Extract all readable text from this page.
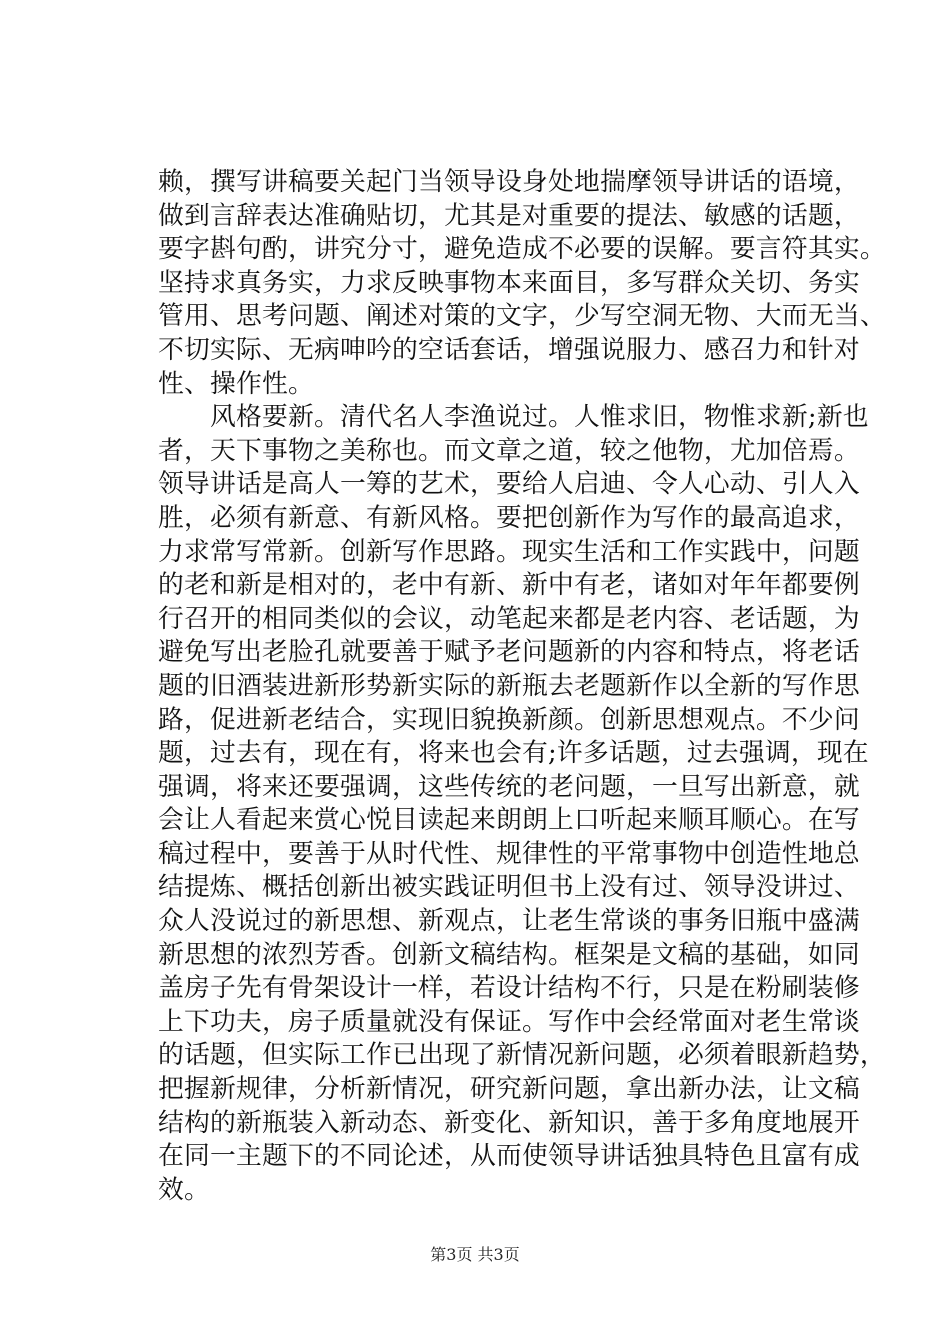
赖，撰写讲稿要关起门当领导设身处地揣摩领导讲话的语境，
做到言辞表达准确贴切，尤其是对重要的提法、敏感的话题，
要字斟句酌，讲究分寸，避免造成不必要的误解。要言符其实。
坚持求真务实，力求反映事物本来面目，多写群众关切、务实
管用、思考问题、阐述对策的文字，少写空洞无物、大而无当、
不切实际、无病呻吟的空话套话，增强说服力、感召力和针对
性、操作性。
　　风格要新。清代名人李渔说过。人惟求旧，物惟求新;新也
者，天下事物之美称也。而文章之道，较之他物，尤加倍焉。
领导讲话是高人一筹的艺术，要给人启迪、令人心动、引人入
胜，必须有新意、有新风格。要把创新作为写作的最高追求，
力求常写常新。创新写作思路。现实生活和工作实践中，问题
的老和新是相对的，老中有新、新中有老，诸如对年年都要例
行召开的相同类似的会议，动笔起来都是老内容、老话题，为
避免写出老脸孔就要善于赋予老问题新的内容和特点，将老话
题的旧酒装进新形势新实际的新瓶去老题新作以全新的写作思
路，促进新老结合，实现旧貌换新颜。创新思想观点。不少问
题，过去有，现在有，将来也会有;许多话题，过去强调，现在
强调，将来还要强调，这些传统的老问题，一旦写出新意，就
会让人看起来赏心悦目读起来朗朗上口听起来顺耳顺心。在写
稿过程中，要善于从时代性、规律性的平常事物中创造性地总
结提炼、概括创新出被实践证明但书上没有过、领导没讲过、
众人没说过的新思想、新观点，让老生常谈的事务旧瓶中盛满
新思想的浓烈芳香。创新文稿结构。框架是文稿的基础，如同
盖房子先有骨架设计一样，若设计结构不行，只是在粉刷装修
上下功夫，房子质量就没有保证。写作中会经常面对老生常谈
的话题，但实际工作已出现了新情况新问题，必须着眼新趋势，
把握新规律，分析新情况，研究新问题，拿出新办法，让文稿
结构的新瓶装入新动态、新变化、新知识，善于多角度地展开
在同一主题下的不同论述，从而使领导讲话独具特色且富有成
效。
第3页 共3页
